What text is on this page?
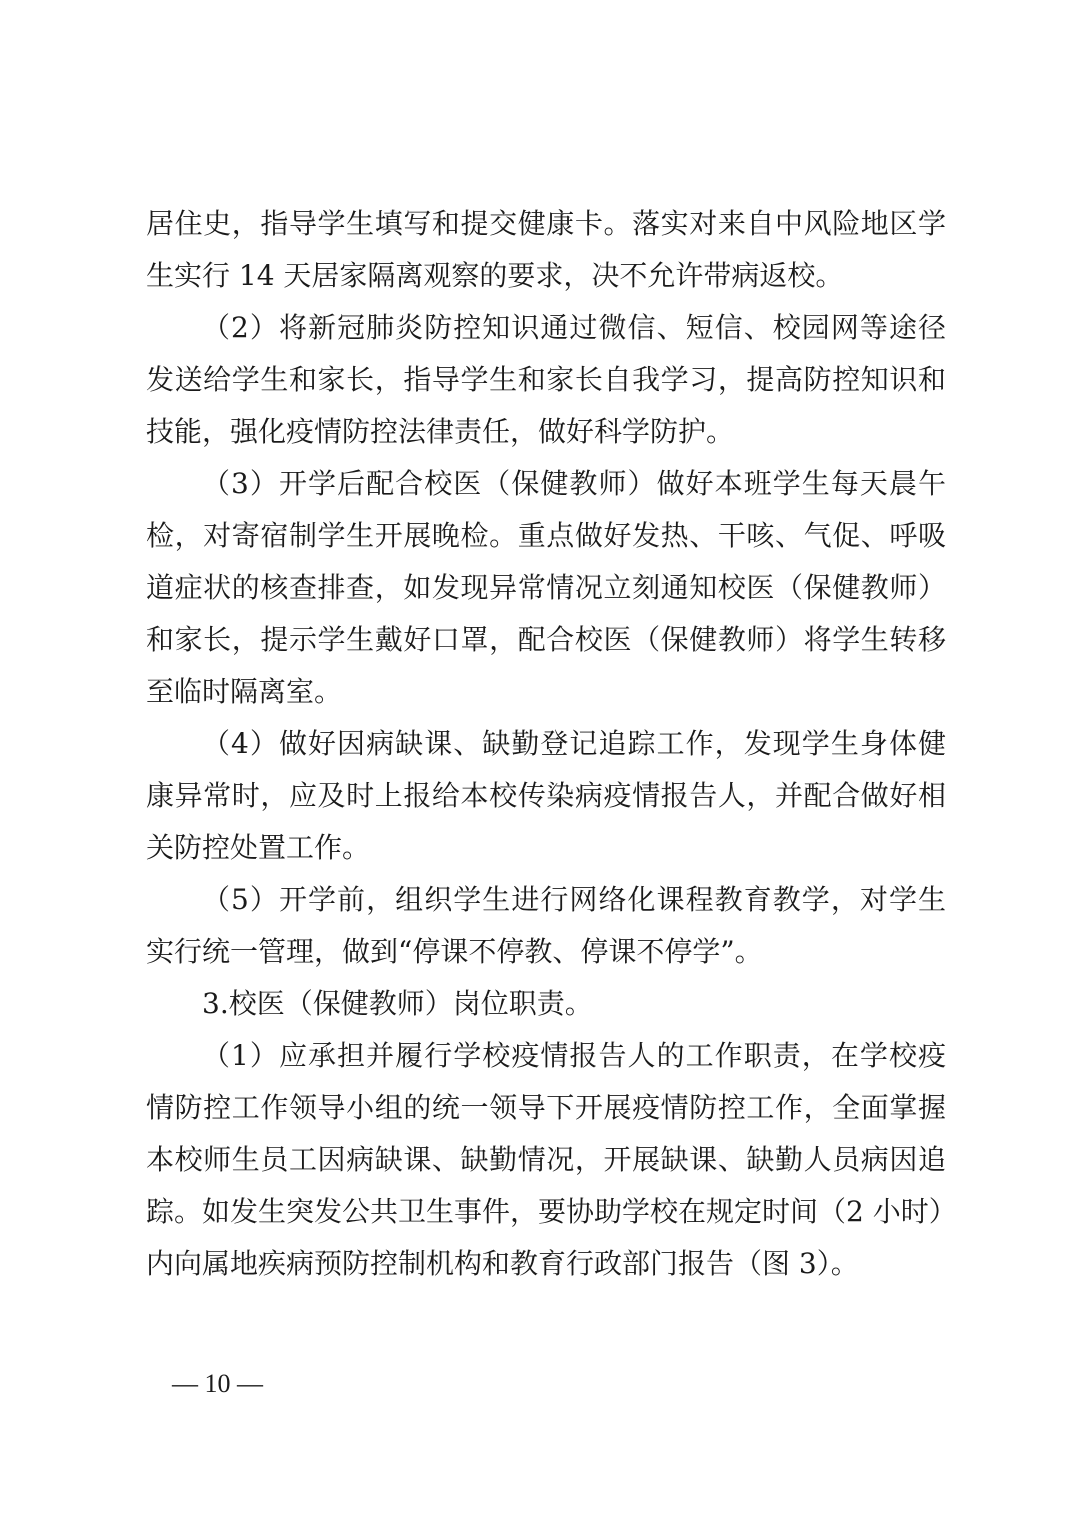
居住史，指导学生填写和提交健康卡。落实对来自中风险地区学
生实行 14 天居家隔离观察的要求，决不允许带病返校。
（2）将新冠肺炎防控知识通过微信、短信、校园网等途径
发送给学生和家长，指导学生和家长自我学习，提高防控知识和
技能，强化疫情防控法律责任，做好科学防护。
（3）开学后配合校医（保健教师）做好本班学生每天晨午
检，对寄宿制学生开展晚检。重点做好发热、干咳、气促、呼吸
道症状的核查排查，如发现异常情况立刻通知校医（保健教师）
和家长，提示学生戴好口罩，配合校医（保健教师）将学生转移
至临时隔离室。
（4）做好因病缺课、缺勤登记追踪工作，发现学生身体健
康异常时，应及时上报给本校传染病疫情报告人，并配合做好相
关防控处置工作。
（5）开学前，组织学生进行网络化课程教育教学，对学生
实行统一管理，做到“停课不停教、停课不停学”。
3.校医（保健教师）岗位职责。
（1）应承担并履行学校疫情报告人的工作职责，在学校疫
情防控工作领导小组的统一领导下开展疫情防控工作，全面掌握
本校师生员工因病缺课、缺勤情况，开展缺课、缺勤人员病因追
踪。如发生突发公共卫生事件，要协助学校在规定时间（2 小时）
内向属地疾病预防控制机构和教育行政部门报告（图 3）。
— 10 —
